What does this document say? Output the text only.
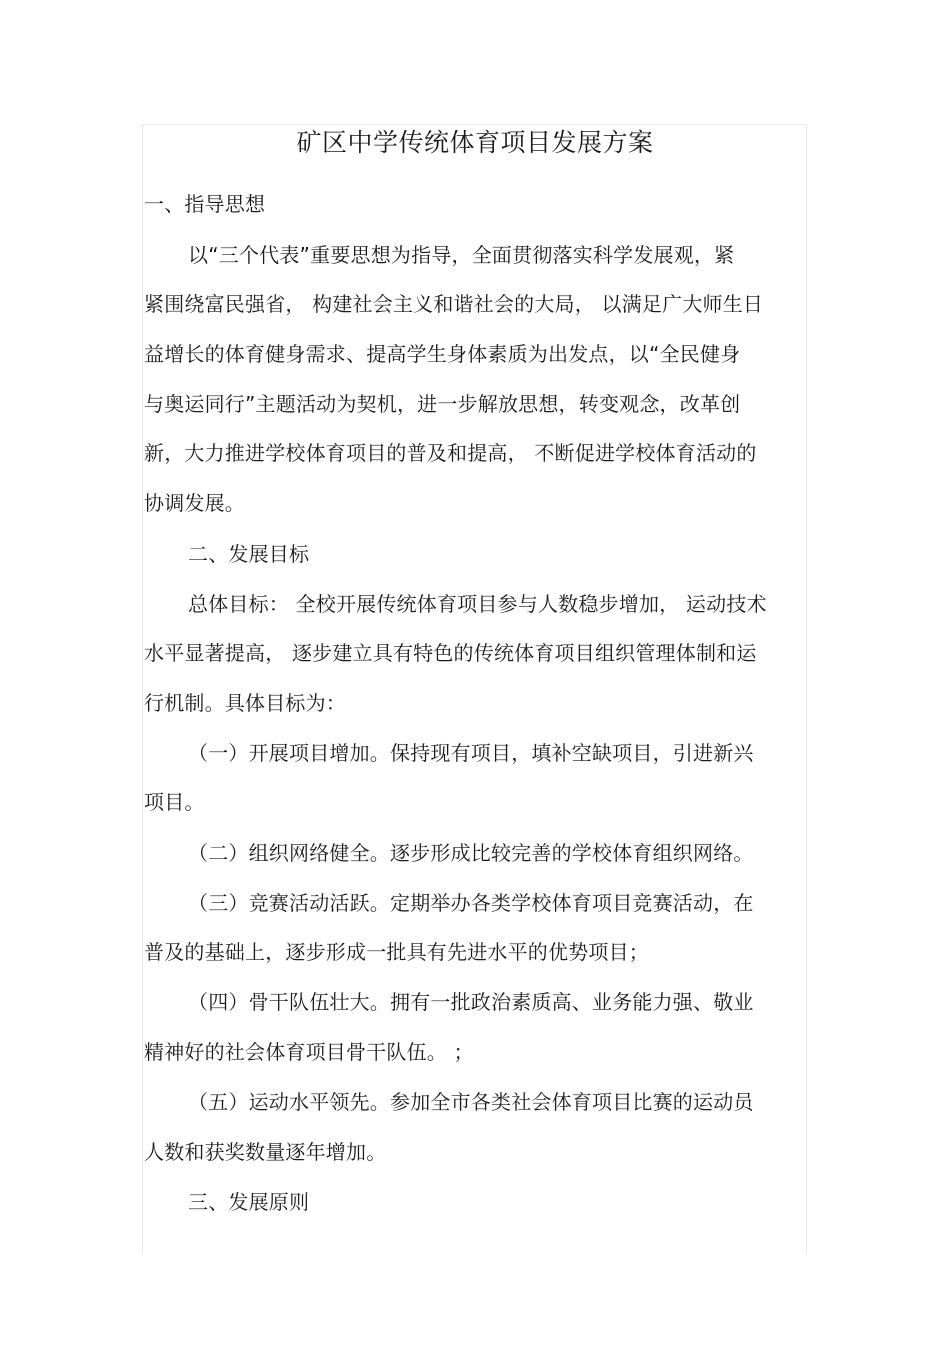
矿区中学传统体育项目发展方案
一、指导思想
以“三个代表”重要思想为指导，全面贯彻落实科学发展观，紧
紧围绕富民强省， 构建社会主义和谐社会的大局， 以满足广大师生日
益增长的体育健身需求、提高学生身体素质为出发点，以“全民健身
与奥运同行”主题活动为契机，进一步解放思想，转变观念，改革创
新，大力推进学校体育项目的普及和提高， 不断促进学校体育活动的
协调发展。
二、发展目标
总体目标： 全校开展传统体育项目参与人数稳步增加， 运动技术
水平显著提高， 逐步建立具有特色的传统体育项目组织管理体制和运
行机制。具体目标为：
（一）开展项目增加。保持现有项目，填补空缺项目，引进新兴
项目。
（二）组织网络健全。逐步形成比较完善的学校体育组织网络。
（三）竞赛活动活跃。定期举办各类学校体育项目竞赛活动，在
普及的基础上，逐步形成一批具有先进水平的优势项目；
（四）骨干队伍壮大。拥有一批政治素质高、业务能力强、敬业
精神好的社会体育项目骨干队伍。 ；
（五）运动水平领先。参加全市各类社会体育项目比赛的运动员
人数和获奖数量逐年增加。
三、发展原则
